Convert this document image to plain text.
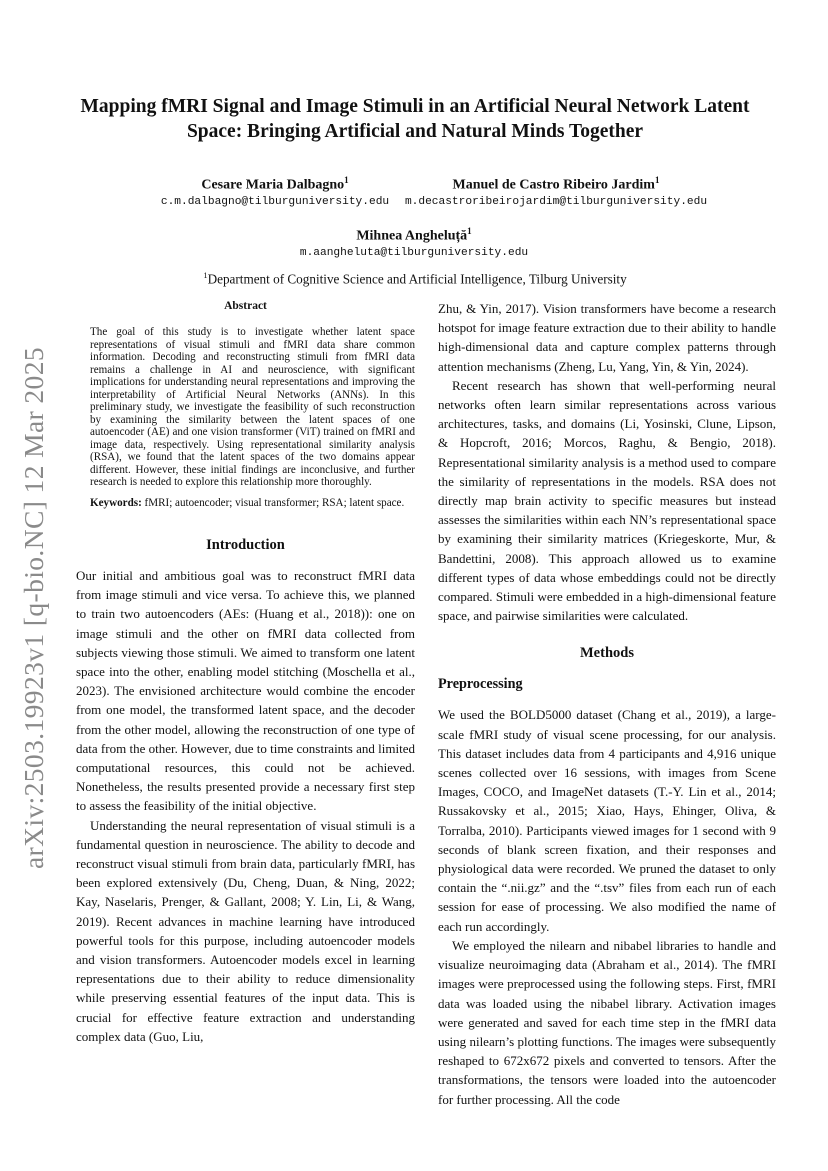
arXiv:2503.19923v1 [q-bio.NC] 12 Mar 2025
Mapping fMRI Signal and Image Stimuli in an Artificial Neural Network Latent Space: Bringing Artificial and Natural Minds Together
Cesare Maria Dalbagno$^1$
c.m.dalbagno@tilburguniversity.edu
Manuel de Castro Ribeiro Jardim$^1$
m.decastroribeirojardim@tilburguniversity.edu
Mihnea Angheluță$^1$
m.aangheluta@tilburguniversity.edu
$^1$Department of Cognitive Science and Artificial Intelligence, Tilburg University
Abstract

The goal of this study is to investigate whether latent space representations of visual stimuli and fMRI data share common information. Decoding and reconstructing stimuli from fMRI data remains a challenge in AI and neuroscience, with significant implications for understanding neural representations and improving the interpretability of Artificial Neural Networks (ANNs). In this preliminary study, we investigate the feasibility of such reconstruction by examining the similarity between the latent spaces of one autoencoder (AE) and one vision transformer (ViT) trained on fMRI and image data, respectively. Using representational similarity analysis (RSA), we found that the latent spaces of the two domains appear different. However, these initial findings are inconclusive, and further research is needed to explore this relationship more thoroughly.

Keywords: fMRI; autoencoder; visual transformer; RSA; latent space.

Introduction

Our initial and ambitious goal was to reconstruct fMRI data from image stimuli and vice versa. To achieve this, we planned to train two autoencoders (AEs: (Huang et al., 2018)): one on image stimuli and the other on fMRI data collected from subjects viewing those stimuli. We aimed to transform one latent space into the other, enabling model stitching (Moschella et al., 2023). The envisioned architecture would combine the encoder from one model, the transformed latent space, and the decoder from the other model, allowing the reconstruction of one type of data from the other. However, due to time constraints and limited computational resources, this could not be achieved. Nonetheless, the results presented provide a necessary first step to assess the feasibility of the initial objective.

Understanding the neural representation of visual stimuli is a fundamental question in neuroscience. The ability to decode and reconstruct visual stimuli from brain data, particularly fMRI, has been explored extensively (Du, Cheng, Duan, & Ning, 2022; Kay, Naselaris, Prenger, & Gallant, 2008; Y. Lin, Li, & Wang, 2019). Recent advances in machine learning have introduced powerful tools for this purpose, including autoencoder models and vision transformers. Autoencoder models excel in learning representations due to their ability to reduce dimensionality while preserving essential features of the input data. This is crucial for effective feature extraction and understanding complex data (Guo, Liu,

Zhu, & Yin, 2017). Vision transformers have become a research hotspot for image feature extraction due to their ability to handle high-dimensional data and capture complex patterns through attention mechanisms (Zheng, Lu, Yang, Yin, & Yin, 2024).

Recent research has shown that well-performing neural networks often learn similar representations across various architectures, tasks, and domains (Li, Yosinski, Clune, Lipson, & Hopcroft, 2016; Morcos, Raghu, & Bengio, 2018). Representational similarity analysis is a method used to compare the similarity of representations in the models. RSA does not directly map brain activity to specific measures but instead assesses the similarities within each NN’s representational space by examining their similarity matrices (Kriegeskorte, Mur, & Bandettini, 2008). This approach allowed us to examine different types of data whose embeddings could not be directly compared. Stimuli were embedded in a high-dimensional feature space, and pairwise similarities were calculated.

Methods
Preprocessing

We used the BOLD5000 dataset (Chang et al., 2019), a large-scale fMRI study of visual scene processing, for our analysis. This dataset includes data from 4 participants and 4,916 unique scenes collected over 16 sessions, with images from Scene Images, COCO, and ImageNet datasets (T.-Y. Lin et al., 2014; Russakovsky et al., 2015; Xiao, Hays, Ehinger, Oliva, & Torralba, 2010). Participants viewed images for 1 second with 9 seconds of blank screen fixation, and their responses and physiological data were recorded. We pruned the dataset to only contain the “.nii.gz” and the “.tsv” files from each run of each session for ease of processing. We also modified the name of each run accordingly.

We employed the nilearn and nibabel libraries to handle and visualize neuroimaging data (Abraham et al., 2014). The fMRI images were preprocessed using the following steps. First, fMRI data was loaded using the nibabel library. Activation images were generated and saved for each time step in the fMRI data using nilearn’s plotting functions. The images were subsequently reshaped to 672x672 pixels and converted to tensors. After the transformations, the tensors were loaded into the autoencoder for further processing. All the code
